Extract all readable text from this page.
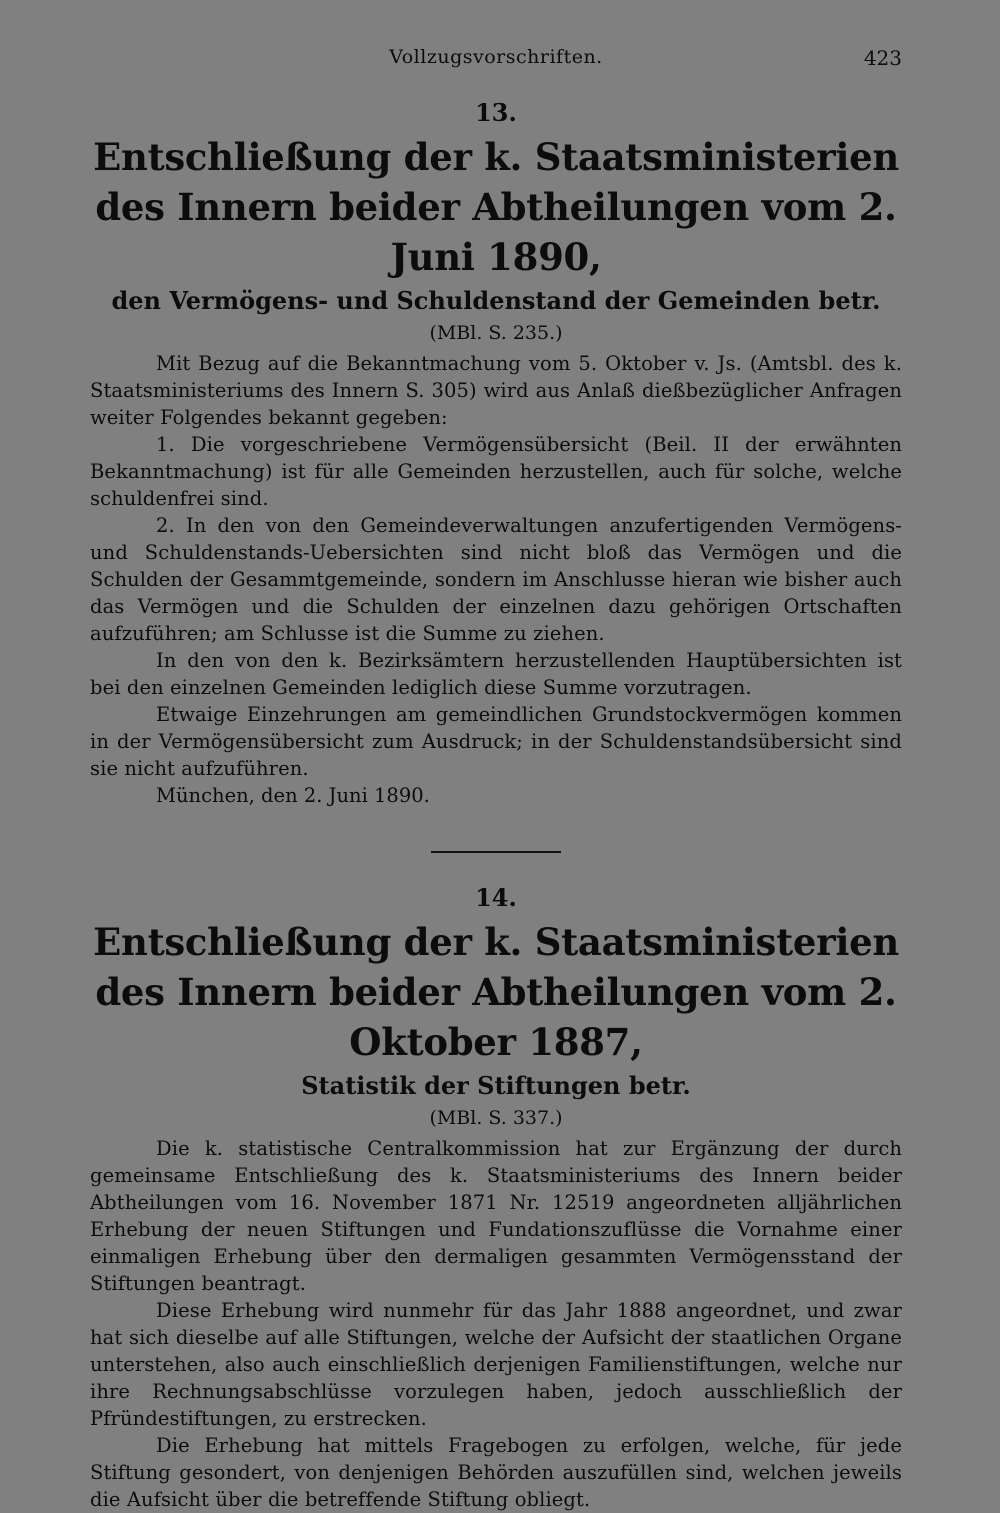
Vollzugsvorschriften.	423
13.
Entschließung der k. Staatsministerien des Innern beider Abtheilungen vom 2. Juni 1890,
den Vermögens- und Schuldenstand der Gemeinden betr.
(MBl. S. 235.)

Mit Bezug auf die Bekanntmachung vom 5. Oktober v. Js. (Amtsbl. des k. Staatsministeriums des Innern S. 305) wird aus Anlaß dießbezüglicher Anfragen weiter Folgendes bekannt gegeben:

1. Die vorgeschriebene Vermögensübersicht (Beil. II der erwähnten Bekanntmachung) ist für alle Gemeinden herzustellen, auch für solche, welche schuldenfrei sind.

2. In den von den Gemeindeverwaltungen anzufertigenden Vermögens- und Schuldenstands-Uebersichten sind nicht bloß das Vermögen und die Schulden der Gesammtgemeinde, sondern im Anschlusse hieran wie bisher auch das Vermögen und die Schulden der einzelnen dazu gehörigen Ortschaften aufzuführen; am Schlusse ist die Summe zu ziehen.

In den von den k. Bezirksämtern herzustellenden Hauptübersichten ist bei den einzelnen Gemeinden lediglich diese Summe vorzutragen.

Etwaige Einzehrungen am gemeindlichen Grundstockvermögen kommen in der Vermögensübersicht zum Ausdruck; in der Schuldenstandsübersicht sind sie nicht aufzuführen.

München, den 2. Juni 1890.

14.
Entschließung der k. Staatsministerien des Innern beider Abtheilungen vom 2. Oktober 1887,
Statistik der Stiftungen betr.
(MBl. S. 337.)

Die k. statistische Centralkommission hat zur Ergänzung der durch gemeinsame Entschließung des k. Staatsministeriums des Innern beider Abtheilungen vom 16. November 1871 Nr. 12519 angeordneten alljährlichen Erhebung der neuen Stiftungen und Fundationszuflüsse die Vornahme einer einmaligen Erhebung über den dermaligen gesammten Vermögensstand der Stiftungen beantragt.

Diese Erhebung wird nunmehr für das Jahr 1888 angeordnet, und zwar hat sich dieselbe auf alle Stiftungen, welche der Aufsicht der staatlichen Organe unterstehen, also auch einschließlich derjenigen Familienstiftungen, welche nur ihre Rechnungsabschlüsse vorzulegen haben, jedoch ausschließlich der Pfründestiftungen, zu erstrecken.

Die Erhebung hat mittels Fragebogen zu erfolgen, welche, für jede Stiftung gesondert, von denjenigen Behörden auszufüllen sind, welchen jeweils die Aufsicht über die betreffende Stiftung obliegt.
